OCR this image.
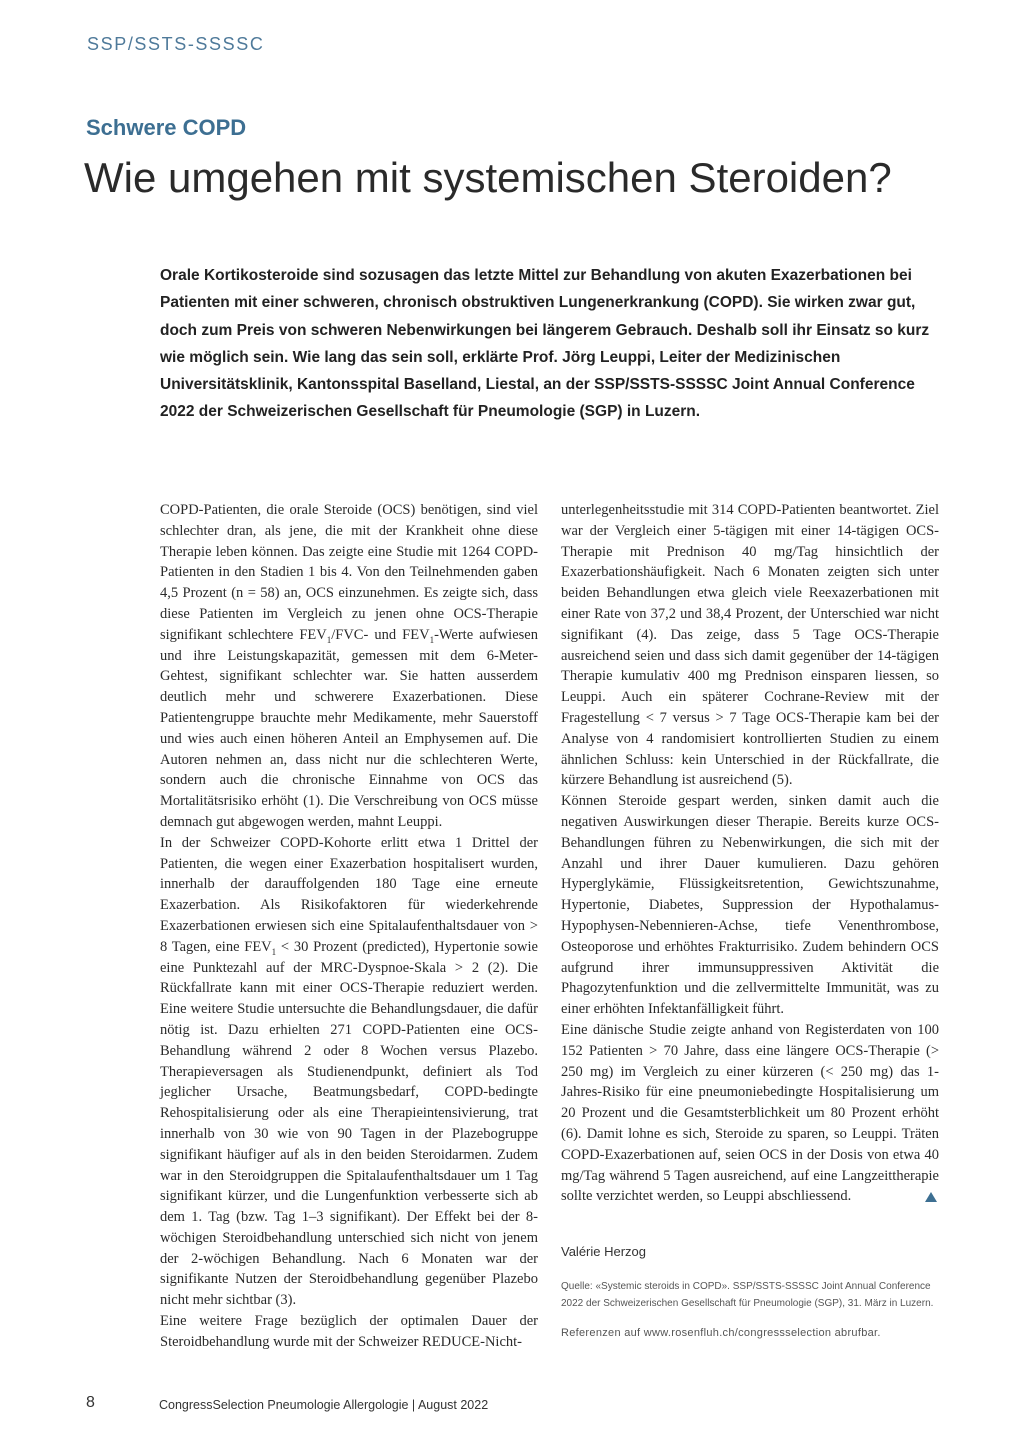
SSP/SSTS-SSSSC
Schwere COPD
Wie umgehen mit systemischen Steroiden?

Orale Kortikosteroide sind sozusagen das letzte Mittel zur Behandlung von akuten Exazerbationen bei Patienten mit einer schweren, chronisch obstruktiven Lungenerkrankung (COPD). Sie wirken zwar gut, doch zum Preis von schweren Nebenwirkungen bei längerem Gebrauch. Deshalb soll ihr Einsatz so kurz wie möglich sein. Wie lang das sein soll, erklärte Prof. Jörg Leuppi, Leiter der Medizinischen Universitätsklinik, Kantonsspital Baselland, Liestal, an der SSP/SSTS-SSSSC Joint Annual Conference 2022 der Schweizerischen Gesellschaft für Pneumologie (SGP) in Luzern.

COPD-Patienten, die orale Steroide (OCS) benötigen, sind viel schlechter dran, als jene, die mit der Krankheit ohne diese Therapie leben können. Das zeigte eine Studie mit 1264 COPD-Patienten in den Stadien 1 bis 4. Von den Teilnehmenden gaben 4,5 Prozent (n = 58) an, OCS einzunehmen. Es zeigte sich, dass diese Patienten im Vergleich zu jenen ohne OCS-Therapie signifikant schlechtere $FEV_1/FVC-$ und $FEV_1$-Werte aufwiesen und ihre Leistungskapazität, gemessen mit dem 6-Meter-Gehtest, signifikant schlechter war. Sie hatten ausserdem deutlich mehr und schwerere Exazerbationen. Diese Patientengruppe brauchte mehr Medikamente, mehr Sauerstoff und wies auch einen höheren Anteil an Emphysemen auf. Die Autoren nehmen an, dass nicht nur die schlechteren Werte, sondern auch die chronische Einnahme von OCS das Mortalitätsrisiko erhöht (1). Die Verschreibung von OCS müsse demnach gut abgewogen werden, mahnt Leuppi.

In der Schweizer COPD-Kohorte erlitt etwa 1 Drittel der Patienten, die wegen einer Exazerbation hospitalisert wurden, innerhalb der darauffolgenden 180 Tage eine erneute Exazerbation. Als Risikofaktoren für wiederkehrende Exazerbationen erwiesen sich eine Spitalaufenthaltsdauer von > 8 Tagen, eine $FEV_1 < 30$ Prozent (predicted), Hypertonie sowie eine Punktezahl auf der MRC-Dyspnoe-Skala > 2 (2). Die Rückfallrate kann mit einer OCS-Therapie reduziert werden. Eine weitere Studie untersuchte die Behandlungsdauer, die dafür nötig ist. Dazu erhielten 271 COPD-Patienten eine OCS-Behandlung während 2 oder 8 Wochen versus Plazebo. Therapieversagen als Studienendpunkt, definiert als Tod jeglicher Ursache, Beatmungsbedarf, COPD-bedingte Rehospitalisierung oder als eine Therapieintensivierung, trat innerhalb von 30 wie von 90 Tagen in der Plazebogruppe signifikant häufiger auf als in den beiden Steroidarmen. Zudem war in den Steroidgruppen die Spitalaufenthaltsdauer um 1 Tag signifikant kürzer, und die Lungenfunktion verbesserte sich ab dem 1. Tag (bzw. Tag 1–3 signifikant). Der Effekt bei der 8-wöchigen Steroidbehandlung unterschied sich nicht von jenem der 2-wöchigen Behandlung. Nach 6 Monaten war der signifikante Nutzen der Steroidbehandlung gegenüber Plazebo nicht mehr sichtbar (3).

Eine weitere Frage bezüglich der optimalen Dauer der Steroidbehandlung wurde mit der Schweizer REDUCE-Nicht-

unterlegenheitsstudie mit 314 COPD-Patienten beantwortet. Ziel war der Vergleich einer 5-tägigen mit einer 14-tägigen OCS-Therapie mit Prednison 40 mg/Tag hinsichtlich der Exazerbationshäufigkeit. Nach 6 Monaten zeigten sich unter beiden Behandlungen etwa gleich viele Reexazerbationen mit einer Rate von 37,2 und 38,4 Prozent, der Unterschied war nicht signifikant (4). Das zeige, dass 5 Tage OCS-Therapie ausreichend seien und dass sich damit gegenüber der 14-tägigen Therapie kumulativ 400 mg Prednison einsparen liessen, so Leuppi. Auch ein späterer Cochrane-Review mit der Fragestellung < 7 versus > 7 Tage OCS-Therapie kam bei der Analyse von 4 randomisiert kontrollierten Studien zu einem ähnlichen Schluss: kein Unterschied in der Rückfallrate, die kürzere Behandlung ist ausreichend (5).

Können Steroide gespart werden, sinken damit auch die negativen Auswirkungen dieser Therapie. Bereits kurze OCS-Behandlungen führen zu Nebenwirkungen, die sich mit der Anzahl und ihrer Dauer kumulieren. Dazu gehören Hyperglykämie, Flüssigkeitsretention, Gewichtszunahme, Hypertonie, Diabetes, Suppression der Hypothalamus-Hypophysen-Nebennieren-Achse, tiefe Venenthrombose, Osteoporose und erhöhtes Frakturrisiko. Zudem behindern OCS aufgrund ihrer immunsuppressiven Aktivität die Phagozytenfunktion und die zellvermittelte Immunität, was zu einer erhöhten Infektanfälligkeit führt.

Eine dänische Studie zeigte anhand von Registerdaten von 100 152 Patienten > 70 Jahre, dass eine längere OCS-Therapie (> 250 mg) im Vergleich zu einer kürzeren (< 250 mg) das 1-Jahres-Risiko für eine pneumoniebedingte Hospitalisierung um 20 Prozent und die Gesamtsterblichkeit um 80 Prozent erhöht (6). Damit lohne es sich, Steroide zu sparen, so Leuppi. Träten COPD-Exazerbationen auf, seien OCS in der Dosis von etwa 40 mg/Tag während 5 Tagen ausreichend, auf eine Langzeittherapie sollte verzichtet werden, so Leuppi abschliessend.

Valérie Herzog
Quelle: «Systemic steroids in COPD». SSP/SSTS-SSSSC Joint Annual Conference 2022 der Schweizerischen Gesellschaft für Pneumologie (SGP), 31. März in Luzern.
Referenzen auf www.rosenfluh.ch/congressselection abrufbar.
8	CongressSelection Pneumologie Allergologie | August 2022
